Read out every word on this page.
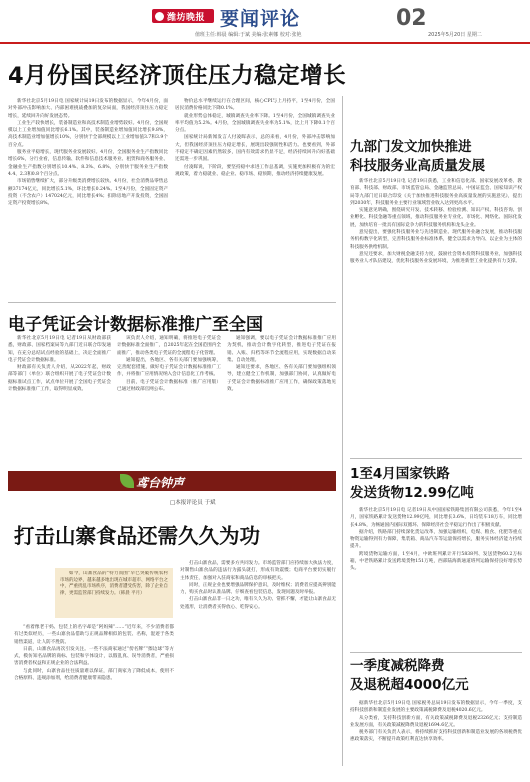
潍坊晚报 要闻评论	02
值班主任:韩晨 编辑:于斌 美编:张素娜 校对:张艳	2025年5月20日 星期二
4月份国民经济顶住压力稳定增长

新华社北京5月19日电 国家统计局19日发布的数据显示，今年4月份，面对外部冲击影响加大、内部困难挑战叠加的复杂局面，我国经济顶住压力稳定增长，延续回升向好发展态势。

工业生产较快增长，装备制造业和高技术制造业增势较好。4月份，全国规模以上工业增加值同比增长6.1%。其中，装备制造业增加值同比增长9.8%，高技术制造业增加值增长10%，分别快于全部规模以上工业增加值3.7和3.9个百分点。

服务业平稳增长，现代服务业发展较好。4月份，全国服务业生产指数同比增长6%，分行业看，信息传输、软件和信息技术服务业、租赁和商务服务业、金融业生产指数分别增长10.4%、8.3%、6.8%，分别快于服务业生产指数4.4、2.3和0.8个百分点。

市场销售继续扩大，部分升级类消费增长较快。4月份，社会消费品零售总额37174亿元，同比增长5.1%，环比增长0.24%。1至4月份，全国固定资产投资（不含农户）147024亿元，同比增长4%；扣除房地产开发投资，全国固定资产投资增长8%。

物价总水平继续运行在合理区间，核心CPI与上月持平，1至4月份，全国居民消费价格同比下降0.1%。

就业形势总体稳定，城镇调查失业率下降。1至4月份，全国城镇调查失业率平均值为5.2%。4月份，全国城镇调查失业率为5.1%，比上月下降0.1个百分点。

国家统计局新闻发言人付凌晖表示，总的来看，4月份，外部冲击影响加大，但我国经济顶住压力稳定增长，展现出较强韧性和活力。也要看到，外部不稳定不确定因素仍然较多，国内有效需求仍显不足，经济持续回升向好基础还需进一步巩固。

付凌晖说，下阶段，要坚持稳中求进工作总基调，实施更加积极有为的宏观政策，着力稳就业、稳企业、稳市场、稳预期，推动经济持续健康发展。

电子凭证会计数据标准推广至全国

新华社北京5月19日电 记者19日从财政部获悉，财政部、国家档案局等九部门近日联合印发通知，在充分总结试点经验的基础上，决定全面推广电子凭证会计数据标准。

财政部有关负责人介绍，从2022年起，财政部等部门（单位）联合组织开展了电子凭证会计数据标准试点工作，试点单位开展了全国电子凭证会计数据标准推广工作，取得明显成效。

该负责人介绍，通知明确，将推进电子凭证会计数据标准全面推广，自2025年起在全国范围内全面推广，推动各类电子凭证的全流程电子化管理。

通知提出，各地区、各有关部门要加强统筹，完善配套措施，做好电子凭证会计数据标准推广工作，并将推广应用情况纳入会计信息化工作考核。

目前，电子凭证会计数据标准（推广应用版）已通过财政部官网公布。

通知强调，要以电子凭证会计数据标准推广应用为契机，推动会计数字化转型，推进电子凭证在报销、入账、归档等环节全流程应用，实现数据自动采集、自动处理。

通知还要求，各地区、各有关部门要加强组织领导，建立健全工作机制，加强部门协同，认真做好电子凭证会计数据标准推广应用工作，确保政策落地见效。

鸢台钟声
打击山寨食品还需久久为功
□本报评论员 于斌

如今，山寨食品的“特力而围”早已突破传统农村市场的边界，越来越多地出现在城市超市、网络平台之中，严重扰乱市场秩序，消费者遭受伤害，除了企业自律，更需监管部门持续发力。（韩晨 平月）

“看着像老干妈、包装上的名字却是“阿妈辣”……”近年来，不少消费者都有过类似经历，一些山寨食品借助与正规品牌相似的包装、名称，混迹于各类销售渠道，让人防不胜防。

日前，山寨食品再次引发关注。一些不法商家通过“傍名牌”“擦边球”等方式，模仿知名品牌的商标、包装和字体设计，以假乱真、误导消费者，严重损害消费者权益和正规企业的合法利益。

与此同时，山寨食品往往质量难以保证，部门商家为了降低成本，使用不合格原料、违规添加剂，给消费者健康带来隐患。

打击山寨食品，需要多方共同发力。市场监管部门应持续加大执法力度，对制售山寨食品的违法行为露头就打，形成有效震慑；电商平台要切实履行主体责任，加强对入驻商家和商品信息的审核把关。

同时，正规企业也要增强品牌保护意识，及时维权；消费者应提高辨别能力，购买食品时认准品牌、仔细查看包装信息，发现问题及时举报。

打击山寨食品非一日之功，唯有久久为功、常抓不懈，才能让山寨食品无处遁形，让消费者买得放心、吃得安心。

九部门发文加快推进
科技服务业高质量发展

新华社北京5月19日电 记者19日获悉，工业和信息化部、国家发展改革委、教育部、科技部、财政部、市场监管总局、金融监管总局、中国证监会、国家知识产权局等九部门近日联合印发《关于加快推进科技服务业高质量发展的实施意见》，提出到2030年，科技服务业主要行业领域营业收入达到更高水平。

实施意见明确，围绕研究开发、技术转移、检验检测、知识产权、科技咨询、创业孵化、科技金融等重点领域，推动科技服务业专业化、市场化、网络化、国际化发展，加快培育一批具有国际竞争力的科技服务机构和龙头企业。

意见提出，要强化科技服务业与先进制造业、现代服务业融合发展，推动科技服务机构数字化转型，完善科技服务业标准体系，健全以需求为导向、以企业为主体的科技服务供给机制。

意见还要求，加大财税金融支持力度，鼓励社会资本投资科技服务业，加强科技服务业人才队伍建设，优化科技服务业发展环境，为推进新型工业化提供有力支撑。

1至4月国家铁路
发送货物12.99亿吨

新华社北京5月19日电 记者19日从中国国家铁路集团有限公司获悉，今年1至4月，国家铁路累计发送货物12.99亿吨，同比增长3.6%，日均装车18万车，同比增长4.8%，为畅通国内国际双循环、保障经济社会平稳运行作出了积极贡献。

据介绍，铁路部门持续深化货运改革，加强运输组织，电煤、粮食、化肥等重点物资运输得到有力保障，集装箱、商品汽车等运量保持增长，服务实体经济能力持续提升。

跨境货物运输方面，1至4月，中欧班列累计开行5838列、发送货物60.2万标箱，中老铁路累计发送跨境货物151万吨，西部陆海新通道班列运输保持良好增长势头。

一季度减税降费
及退税超4000亿元

据新华社北京5月19日电 国家税务总局19日发布的数据显示，今年一季度，支持科技创新和制造业发展的主要政策减税降费及退税4020.6亿元。

从分类看，支持科技创新方面，有关政策减税降费及退税2326亿元；支持制造业发展方面，有关政策减税降费及退税1694.6亿元。

税务部门有关负责人表示，将持续抓好支持科技创新和制造业发展的各项税费优惠政策落实，不断提升政策红利直达快享效率。
